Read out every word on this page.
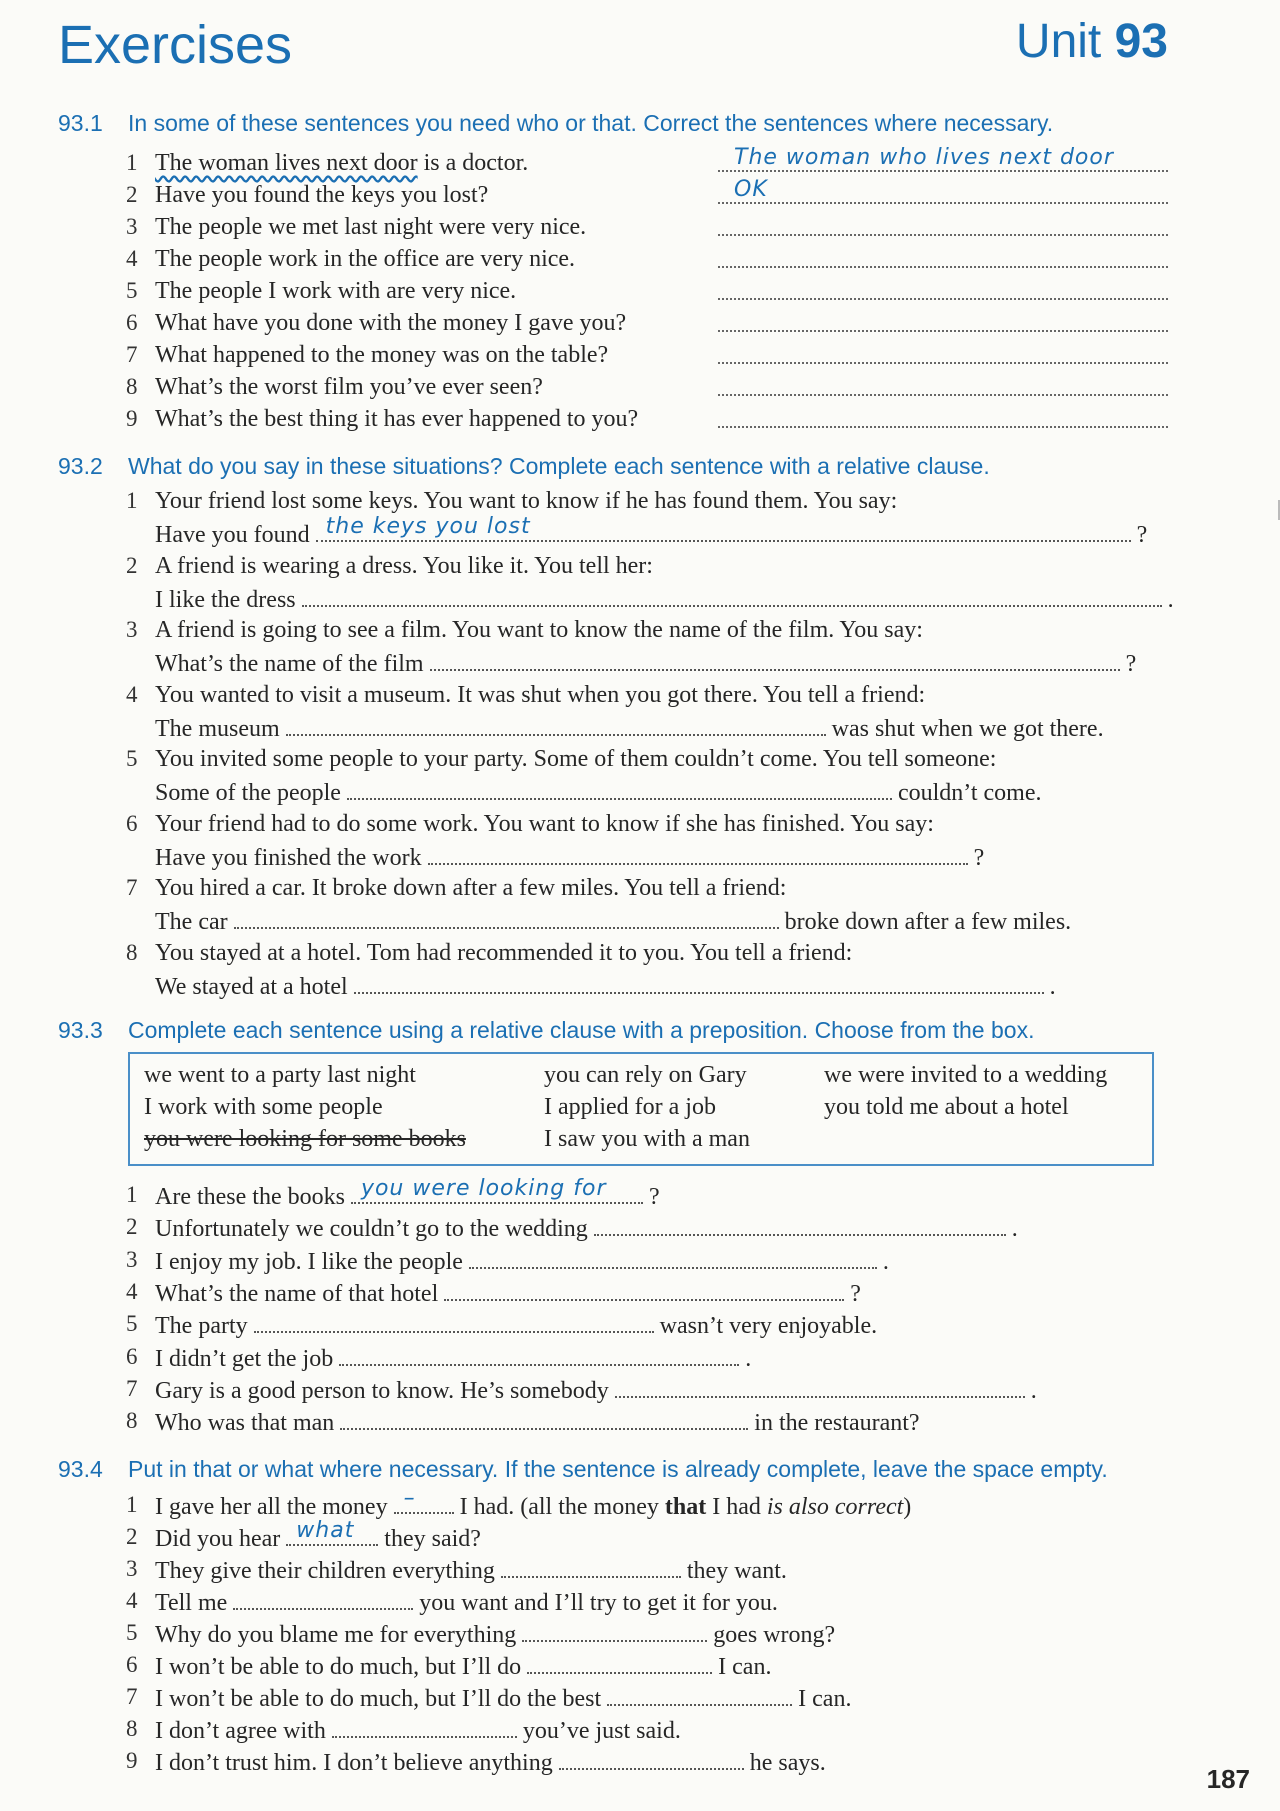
Exercises	Unit 93
93.1 In some of these sentences you need who or that. Correct the sentences where necessary.
1 The woman lives next door is a doctor.	The woman who lives next door
2 Have you found the keys you lost?	OK
3 The people we met last night were very nice.
4 The people work in the office are very nice.
5 The people I work with are very nice.
6 What have you done with the money I gave you?
7 What happened to the money was on the table?
8 What’s the worst film you’ve ever seen?
9 What’s the best thing it has ever happened to you?
93.2 What do you say in these situations? Complete each sentence with a relative clause.
1 Your friend lost some keys. You want to know if he has found them. You say:
Have you found the keys you lost	?
2 A friend is wearing a dress. You like it. You tell her:
I like the dress	.
3 A friend is going to see a film. You want to know the name of the film. You say:
What’s the name of the film	?
4 You wanted to visit a museum. It was shut when you got there. You tell a friend:
The museum	was shut when we got there.
5 You invited some people to your party. Some of them couldn’t come. You tell someone:
Some of the people	couldn’t come.
6 Your friend had to do some work. You want to know if she has finished. You say:
Have you finished the work	?
7 You hired a car. It broke down after a few miles. You tell a friend:
The car	broke down after a few miles.
8 You stayed at a hotel. Tom had recommended it to you. You tell a friend:
We stayed at a hotel	.
93.3 Complete each sentence using a relative clause with a preposition. Choose from the box.
we went to a party last night	you can rely on Gary	we were invited to a wedding
I work with some people	I applied for a job	you told me about a hotel
you were looking for some books	I saw you with a man
1 Are these the books you were looking for ?
2 Unfortunately we couldn’t go to the wedding	.
3 I enjoy my job. I like the people	.
4 What’s the name of that hotel	?
5 The party	wasn’t very enjoyable.
6 I didn’t get the job	.
7 Gary is a good person to know. He’s somebody	.
8 Who was that man	in the restaurant?
93.4 Put in that or what where necessary. If the sentence is already complete, leave the space empty.
1 I gave her all the money – I had. (all the money that I had is also correct)
2 Did you hear what they said?
3 They give their children everything	they want.
4 Tell me	you want and I’ll try to get it for you.
5 Why do you blame me for everything	goes wrong?
6 I won’t be able to do much, but I’ll do	I can.
7 I won’t be able to do much, but I’ll do the best	I can.
8 I don’t agree with	you’ve just said.
9 I don’t trust him. I don’t believe anything	he says.
187
